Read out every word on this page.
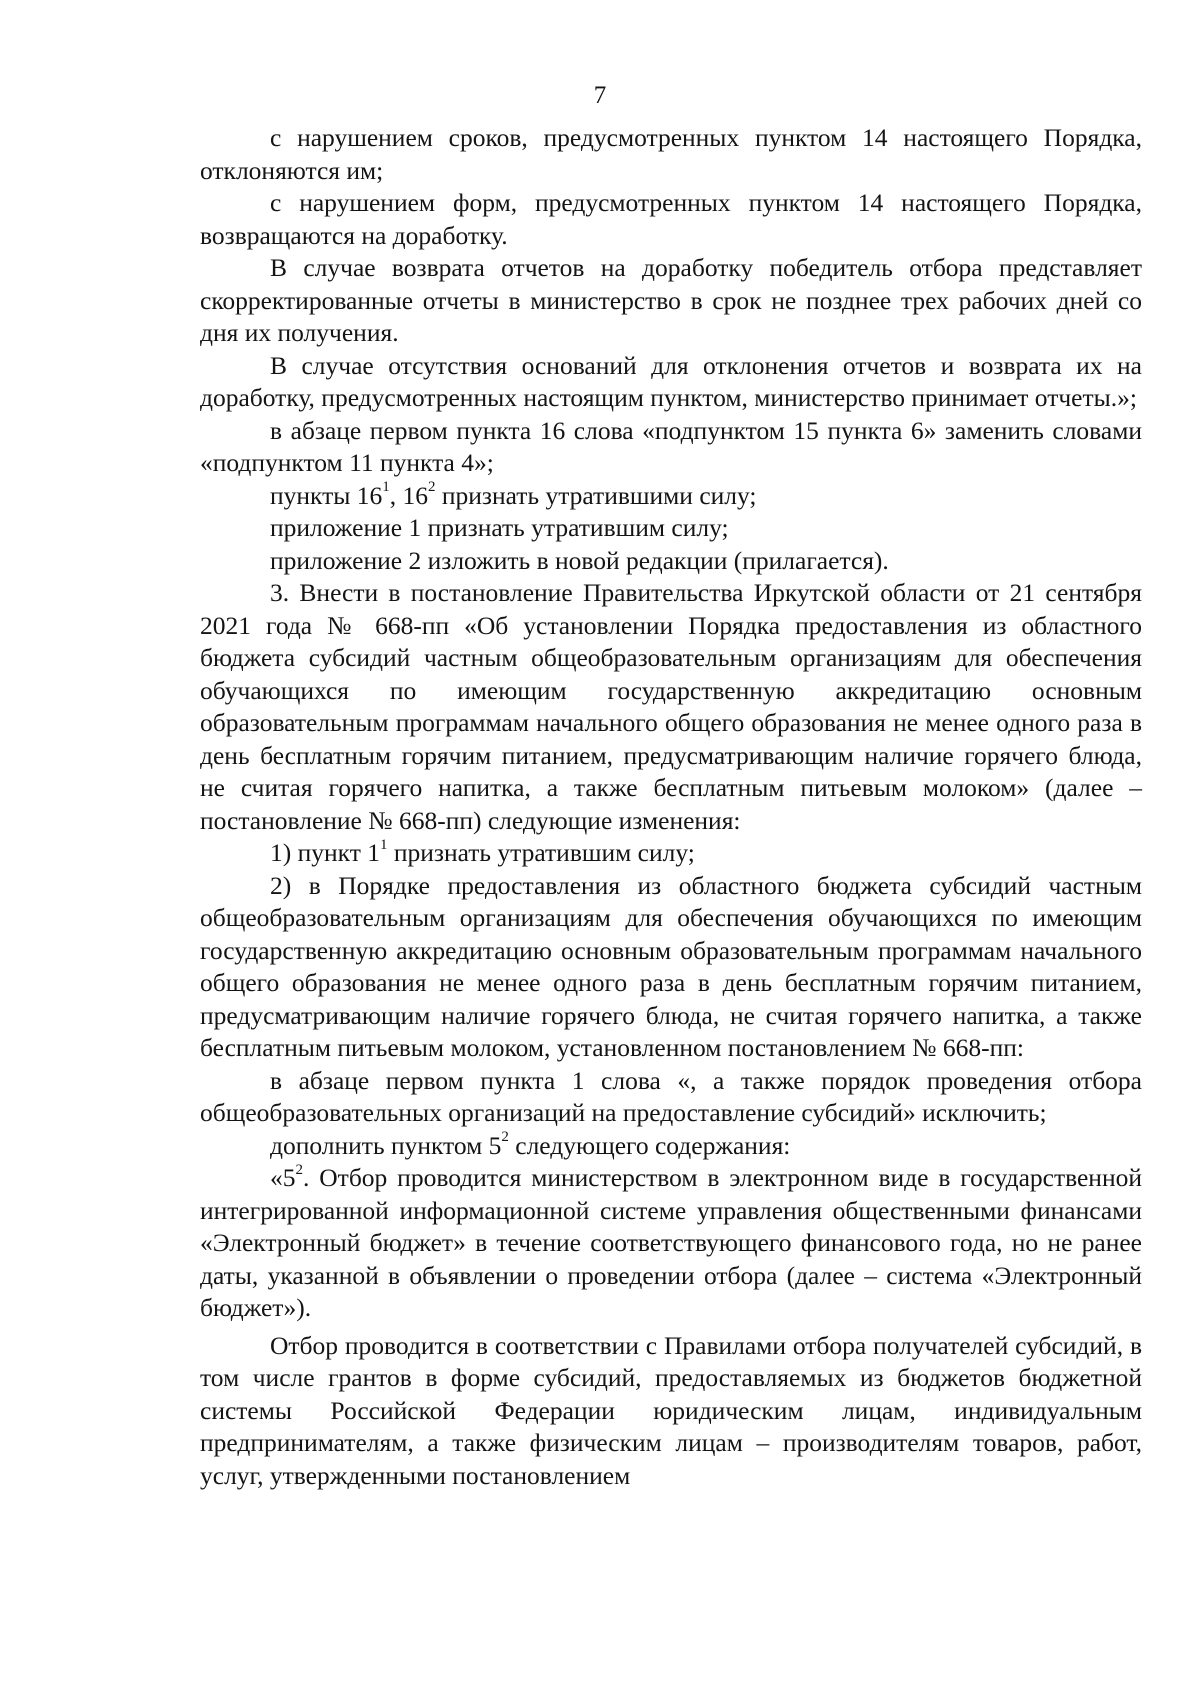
7

с нарушением сроков, предусмотренных пунктом 14 настоящего Порядка, отклоняются им;

с нарушением форм, предусмотренных пунктом 14 настоящего Порядка, возвращаются на доработку.

В случае возврата отчетов на доработку победитель отбора представляет скорректированные отчеты в министерство в срок не позднее трех рабочих дней со дня их получения.

В случае отсутствия оснований для отклонения отчетов и возврата их на доработку, предусмотренных настоящим пунктом, министерство принимает отчеты.»;

в абзаце первом пункта 16 слова «подпунктом 15 пункта 6» заменить словами «подпунктом 11 пункта 4»;

пункты $16^1$, $16^2$ признать утратившими силу;

приложение 1 признать утратившим силу;

приложение 2 изложить в новой редакции (прилагается).

3. Внести в постановление Правительства Иркутской области от 21 сентября 2021 года № 668-пп «Об установлении Порядка предоставления из областного бюджета субсидий частным общеобразовательным организациям для обеспечения обучающихся по имеющим государственную аккредитацию основным образовательным программам начального общего образования не менее одного раза в день бесплатным горячим питанием, предусматривающим наличие горячего блюда, не считая горячего напитка, а также бесплатным питьевым молоком» (далее – постановление № 668-пп) следующие изменения:

1) пункт $1^1$ признать утратившим силу;

2) в Порядке предоставления из областного бюджета субсидий частным общеобразовательным организациям для обеспечения обучающихся по имеющим государственную аккредитацию основным образовательным программам начального общего образования не менее одного раза в день бесплатным горячим питанием, предусматривающим наличие горячего блюда, не считая горячего напитка, а также бесплатным питьевым молоком, установленном постановлением № 668-пп:

в абзаце первом пункта 1 слова «, а также порядок проведения отбора общеобразовательных организаций на предоставление субсидий» исключить;

дополнить пунктом $5^2$ следующего содержания:

«$5^2$. Отбор проводится министерством в электронном виде в государственной интегрированной информационной системе управления общественными финансами «Электронный бюджет» в течение соответствующего финансового года, но не ранее даты, указанной в объявлении о проведении отбора (далее – система «Электронный бюджет»).

Отбор проводится в соответствии с Правилами отбора получателей субсидий, в том числе грантов в форме субсидий, предоставляемых из бюджетов бюджетной системы Российской Федерации юридическим лицам, индивидуальным предпринимателям, а также физическим лицам – производителям товаров, работ, услуг, утвержденными постановлением
